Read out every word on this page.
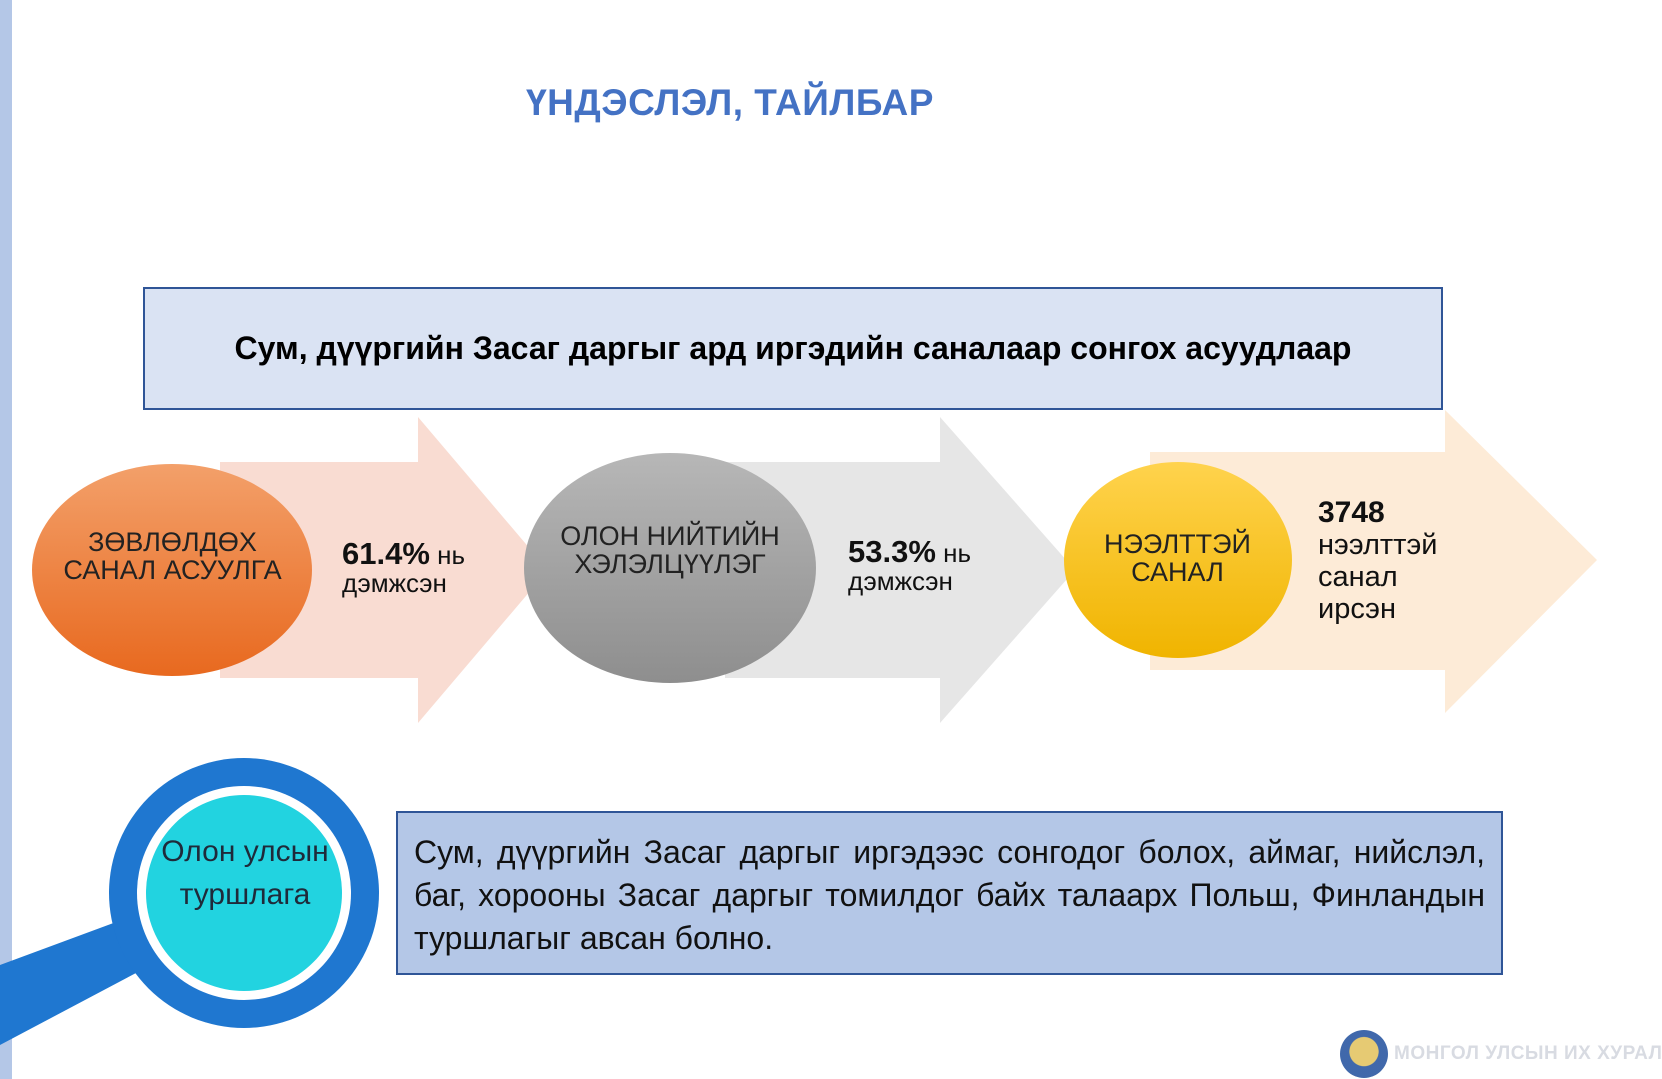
ҮНДЭСЛЭЛ, ТАЙЛБАР
Сум, дүүргийн Засаг даргыг ард иргэдийн саналаар сонгох асуудлаар
ЗӨВЛӨЛДӨХ САНАЛ АСУУЛГА
ОЛОН НИЙТИЙН ХЭЛЭЛЦҮҮЛЭГ
НЭЭЛТТЭЙ САНАЛ
61.4% нь
дэмжсэн
53.3% нь
дэмжсэн
3748
нээлттэй санал ирсэн
Олон улсын туршлага
Сум, дүүргийн Засаг даргыг иргэдээс сонгодог болох, аймаг, нийслэл, баг, хорооны Засаг даргыг томилдог байх талаарх Польш, Финландын туршлагыг авсан болно.
МОНГОЛ УЛСЫН ИХ ХУРАЛ
